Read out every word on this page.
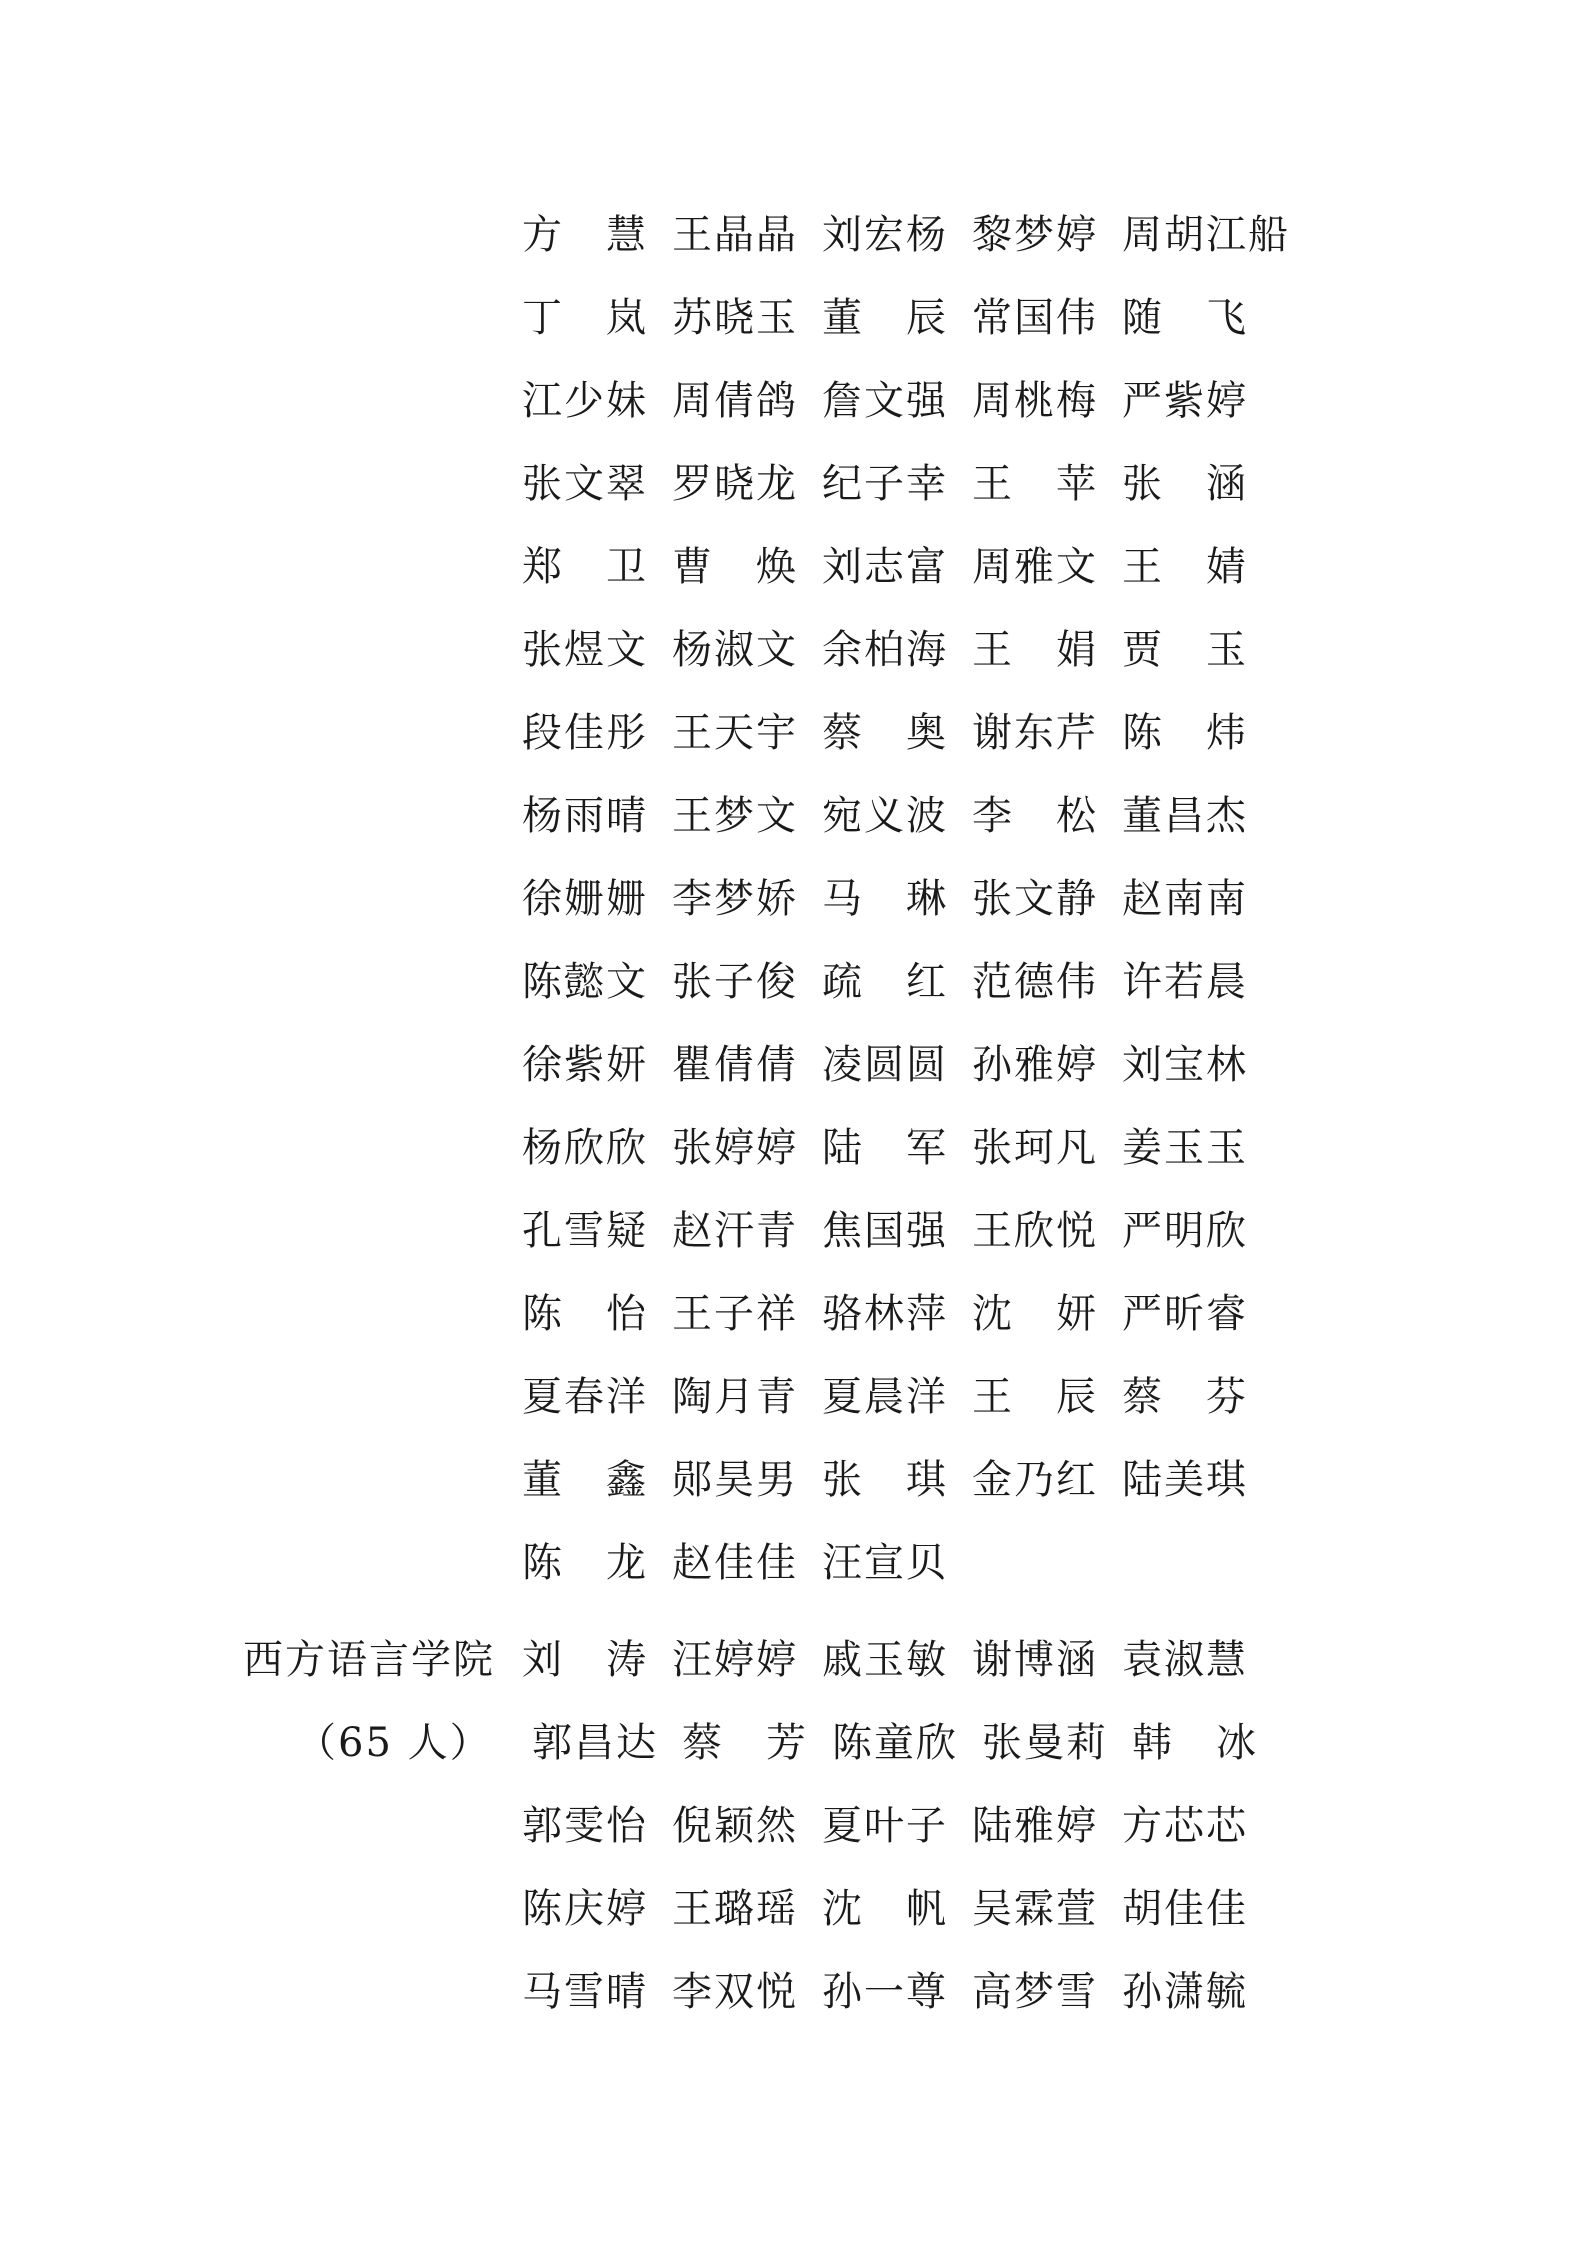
方　慧 王晶晶 刘宏杨 黎梦婷 周胡江船
丁　岚 苏晓玉 董　辰 常国伟 随　飞
江少妹 周倩鸽 詹文强 周桃梅 严紫婷
张文翠 罗晓龙 纪子幸 王　苹 张　涵
郑　卫 曹　焕 刘志富 周雅文 王　婧
张煜文 杨淑文 余柏海 王　娟 贾　玉
段佳彤 王天宇 蔡　奥 谢东芹 陈　炜
杨雨晴 王梦文 宛义波 李　松 董昌杰
徐姗姗 李梦娇 马　琳 张文静 赵南南
陈懿文 张子俊 疏　红 范德伟 许若晨
徐紫妍 瞿倩倩 凌圆圆 孙雅婷 刘宝林
杨欣欣 张婷婷 陆　军 张珂凡 姜玉玉
孔雪疑 赵汗青 焦国强 王欣悦 严明欣
陈　怡 王子祥 骆林萍 沈　妍 严昕睿
夏春洋 陶月青 夏晨洋 王　辰 蔡　芬
董　鑫 郧昊男 张　琪 金乃红 陆美琪
陈　龙 赵佳佳 汪宣贝
西方语言学院
（65 人）
刘　涛 汪婷婷 戚玉敏 谢博涵 袁淑慧
郭昌达 蔡　芳 陈童欣 张曼莉 韩　冰
郭雯怡 倪颖然 夏叶子 陆雅婷 方芯芯
陈庆婷 王璐瑶 沈　帆 吴霖萱 胡佳佳
马雪晴 李双悦 孙一尊 高梦雪 孙潇毓
